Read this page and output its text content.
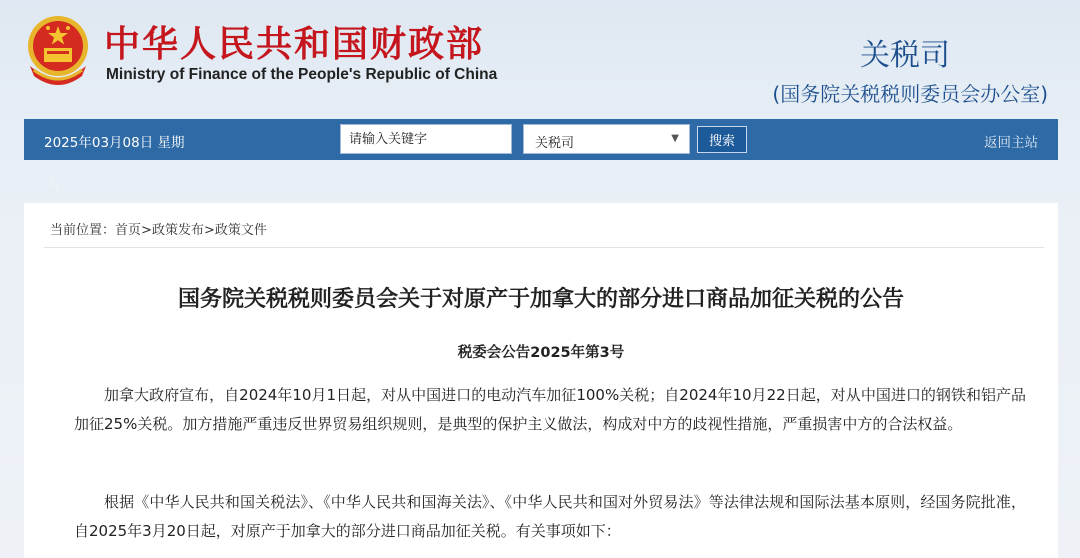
中华人民共和国财政部
Ministry of Finance of the People's Republic of China
关税司
(国务院关税税则委员会办公室)
2025年03月08日 星期
请输入关键字	关税司	▼	搜索	返回主站
六
当前位置：首页>政策发布>政策文件
国务院关税税则委员会关于对原产于加拿大的部分进口商品加征关税的公告
税委会公告2025年第3号

加拿大政府宣布，自2024年10月1日起，对从中国进口的电动汽车加征100%关税；自2024年10月22日起，对从中国进口的钢铁和铝产品加征25%关税。加方措施严重违反世界贸易组织规则，是典型的保护主义做法，构成对中方的歧视性措施，严重损害中方的合法权益。

根据《中华人民共和国关税法》、《中华人民共和国海关法》、《中华人民共和国对外贸易法》等法律法规和国际法基本原则，经国务院批准，自2025年3月20日起，对原产于加拿大的部分进口商品加征关税。有关事项如下：
